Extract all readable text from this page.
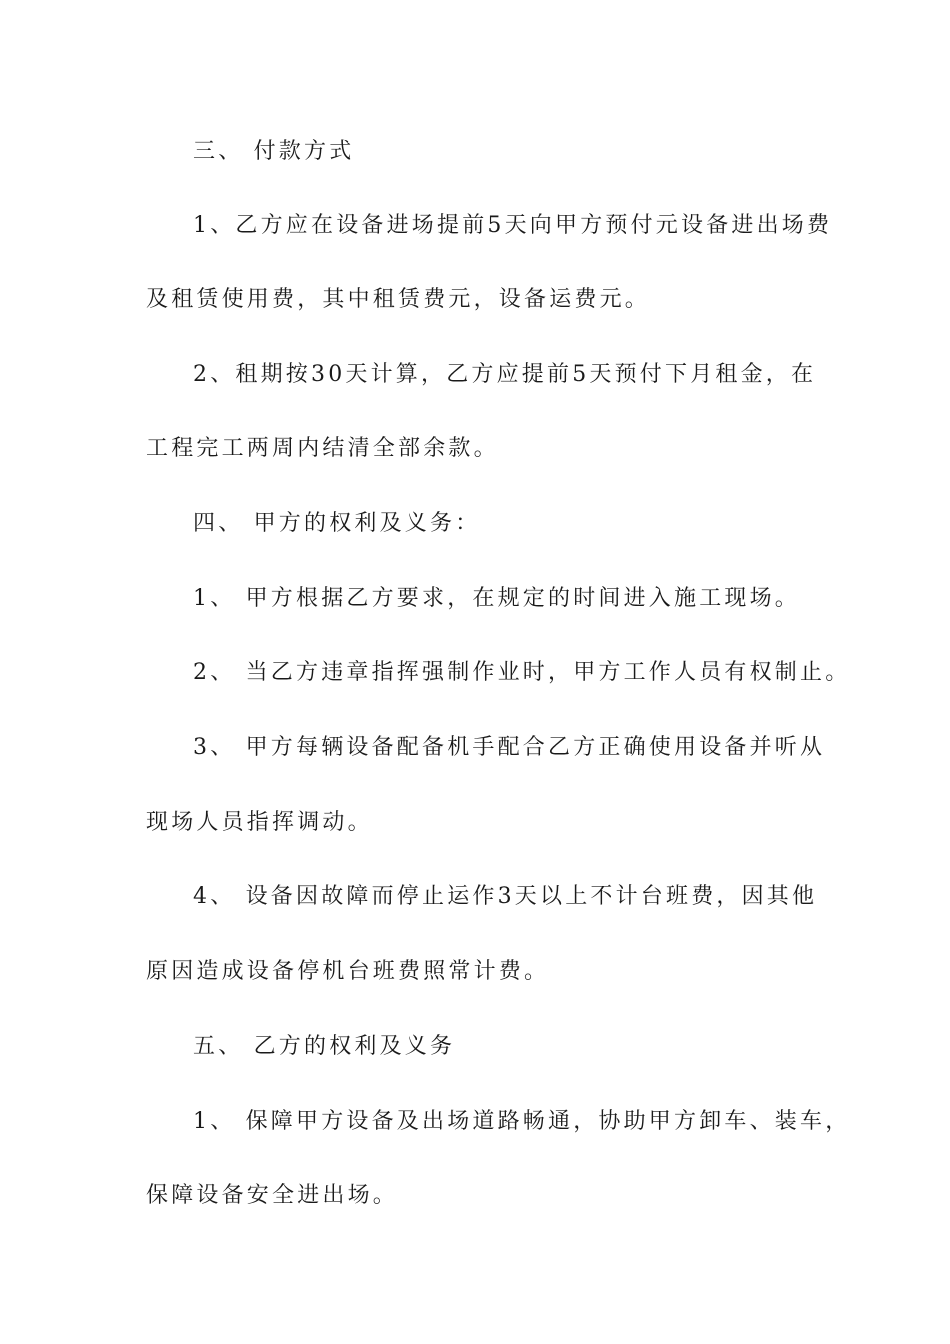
三、 付款方式

1、乙方应在设备进场提前5天向甲方预付元设备进出场费

及租赁使用费，其中租赁费元，设备运费元。

2、租期按30天计算，乙方应提前5天预付下月租金，在

工程完工两周内结清全部余款。

四、 甲方的权利及义务：

1、 甲方根据乙方要求，在规定的时间进入施工现场。

2、 当乙方违章指挥强制作业时，甲方工作人员有权制止。

3、 甲方每辆设备配备机手配合乙方正确使用设备并听从

现场人员指挥调动。

4、 设备因故障而停止运作3天以上不计台班费，因其他

原因造成设备停机台班费照常计费。

五、 乙方的权利及义务

1、 保障甲方设备及出场道路畅通，协助甲方卸车、装车，

保障设备安全进出场。
